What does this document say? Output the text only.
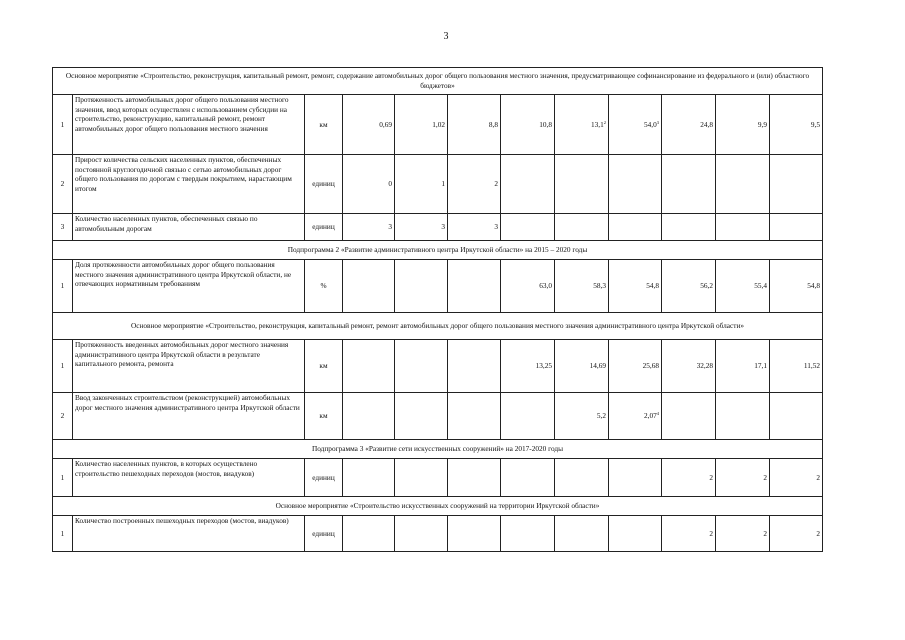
3
Основное мероприятие «Строительство, реконструкция, капитальный ремонт, ремонт, содержание автомобильных дорог общего пользования местного значения, предусматривающее софинансирование из федерального и (или) областного бюджетов»											
1	Протяженность автомобильных дорог общего пользования местного значения, ввод которых осуществлен с использованием субсидии на строительство, реконструкцию, капитальный ремонт, ремонт автомобильных дорог общего пользования местного значения	км	0,69	1,02	8,8	10,8	13,1$^2$	54,0$^3$	24,8	9,9	9,5
2	Прирост количества сельских населенных пунктов, обеспеченных постоянной круглогодичной связью с сетью автомобильных дорог общего пользования по дорогам с твердым покрытием, нарастающим итогом	единиц	0	1	2						
3	Количество населенных пунктов, обеспеченных связью по автомобильным дорогам	единиц	3	3	3						
Подпрограмма 2 «Развитие административного центра Иркутской области» на 2015 – 2020 годы											
1	Доля протяженности автомобильных дорог общего пользования местного значения административного центра Иркутской области, не отвечающих нормативным требованиям	%				63,0	58,3	54,8	56,2	55,4	54,8
Основное мероприятие «Строительство, реконструкция, капитальный ремонт, ремонт автомобильных дорог общего пользования местного значения административного центра Иркутской области»											
1	Протяженность введенных автомобильных дорог местного значения административного центра Иркутской области в результате капитального ремонта, ремонта	км				13,25	14,69	25,68	32,28	17,1	11,52
2	Ввод законченных строительством (реконструкцией) автомобильных дорог местного значения административного центра Иркутской области	км					5,2	2,07$^4$			
Подпрограмма 3 «Развитие сети искусственных сооружений» на 2017-2020 годы											
1	Количество населенных пунктов, в которых осуществлено строительство пешеходных переходов (мостов, виадуков)	единиц							2	2	2
Основное мероприятие «Строительство искусственных сооружений на территории Иркутской области»											
1	Количество построенных пешеходных переходов (мостов, виадуков)	единиц							2	2	2
